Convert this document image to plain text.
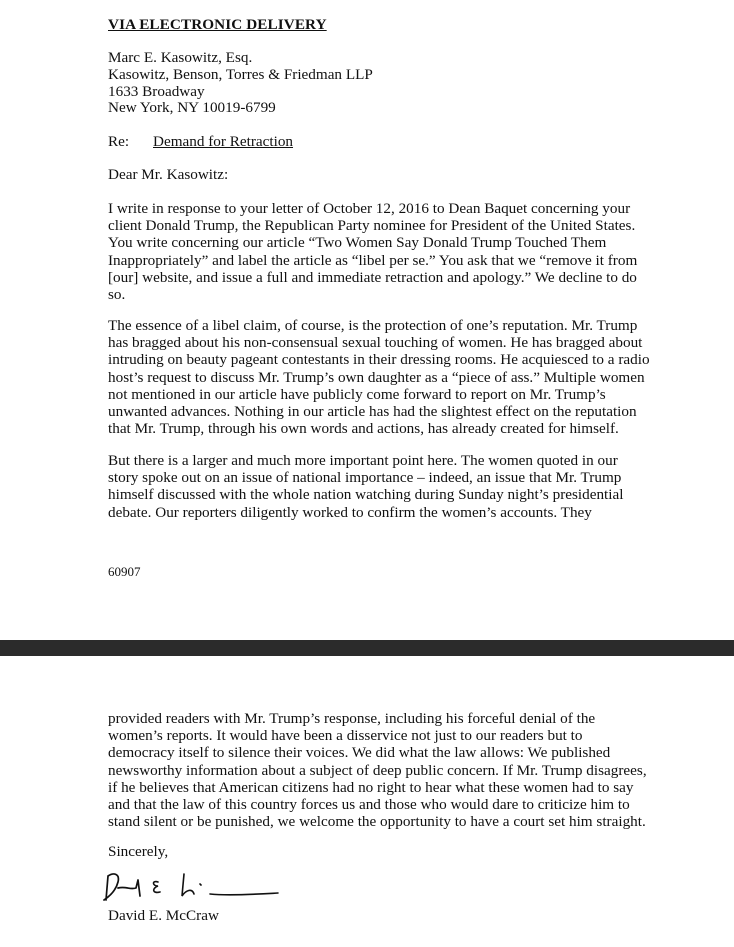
VIA ELECTRONIC DELIVERY
Marc E. Kasowitz, Esq.
Kasowitz, Benson, Torres & Friedman LLP
1633 Broadway
New York, NY 10019-6799
Re: Demand for Retraction
Dear Mr. Kasowitz:
I write in response to your letter of October 12, 2016 to Dean Baquet concerning your
client Donald Trump, the Republican Party nominee for President of the United States.
You write concerning our article “Two Women Say Donald Trump Touched Them
Inappropriately” and label the article as “libel per se.” You ask that we “remove it from
[our] website, and issue a full and immediate retraction and apology.” We decline to do
so.
The essence of a libel claim, of course, is the protection of one’s reputation. Mr. Trump
has bragged about his non-consensual sexual touching of women. He has bragged about
intruding on beauty pageant contestants in their dressing rooms. He acquiesced to a radio
host’s request to discuss Mr. Trump’s own daughter as a “piece of ass.” Multiple women
not mentioned in our article have publicly come forward to report on Mr. Trump’s
unwanted advances. Nothing in our article has had the slightest effect on the reputation
that Mr. Trump, through his own words and actions, has already created for himself.
But there is a larger and much more important point here. The women quoted in our
story spoke out on an issue of national importance – indeed, an issue that Mr. Trump
himself discussed with the whole nation watching during Sunday night’s presidential
debate. Our reporters diligently worked to confirm the women’s accounts. They
60907
provided readers with Mr. Trump’s response, including his forceful denial of the
women’s reports. It would have been a disservice not just to our readers but to
democracy itself to silence their voices. We did what the law allows: We published
newsworthy information about a subject of deep public concern. If Mr. Trump disagrees,
if he believes that American citizens had no right to hear what these women had to say
and that the law of this country forces us and those who would dare to criticize him to
stand silent or be punished, we welcome the opportunity to have a court set him straight.
Sincerely,
David E. McCraw
